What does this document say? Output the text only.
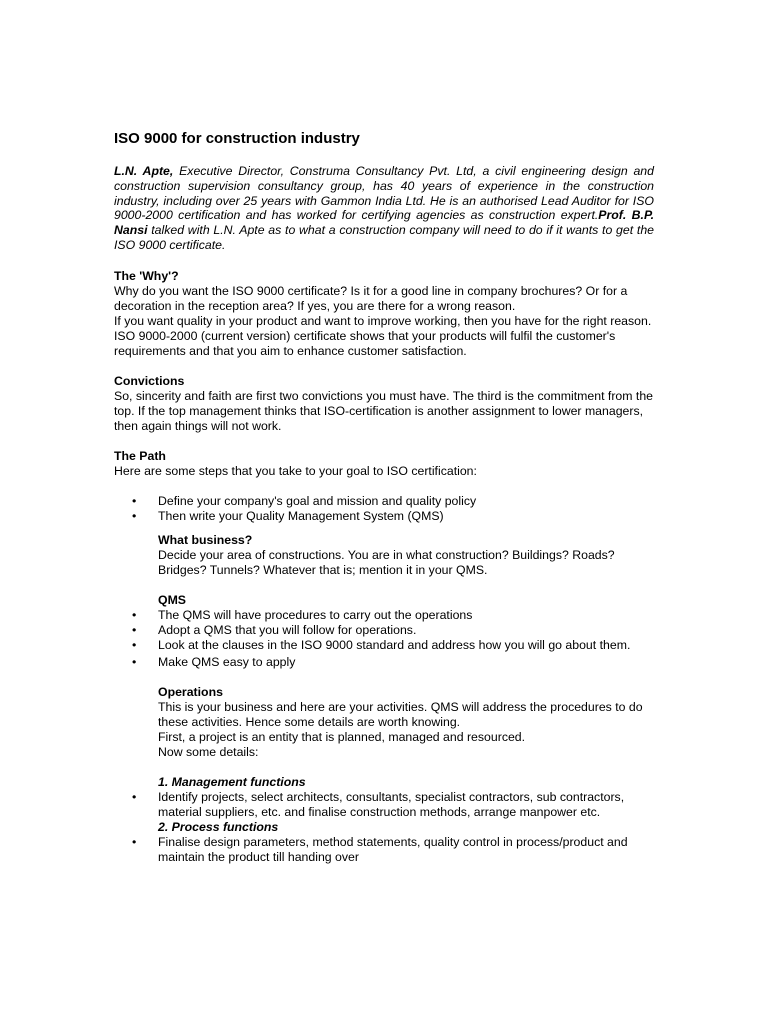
ISO 9000 for construction industry

L.N. Apte, Executive Director, Construma Consultancy Pvt. Ltd, a civil engineering design and construction supervision consultancy group, has 40 years of experience in the construction industry, including over 25 years with Gammon India Ltd. He is an authorised Lead Auditor for ISO 9000-2000 certification and has worked for certifying agencies as construction expert.Prof. B.P. Nansi talked with L.N. Apte as to what a construction company will need to do if it wants to get the ISO 9000 certificate.

The 'Why'?
Why do you want the ISO 9000 certificate? Is it for a good line in company brochures? Or for a decoration in the reception area? If yes, you are there for a wrong reason.
If you want quality in your product and want to improve working, then you have for the right reason. ISO 9000-2000 (current version) certificate shows that your products will fulfil the customer's requirements and that you aim to enhance customer satisfaction.
Convictions
So, sincerity and faith are first two convictions you must have. The third is the commitment from the top. If the top management thinks that ISO-certification is another assignment to lower managers, then again things will not work.
The Path
Here are some steps that you take to your goal to ISO certification:
• Define your company's goal and mission and quality policy
• Then write your Quality Management System (QMS)
What business?
Decide your area of constructions. You are in what construction? Buildings? Roads? Bridges? Tunnels? Whatever that is; mention it in your QMS.
QMS
• The QMS will have procedures to carry out the operations
• Adopt a QMS that you will follow for operations.
• Look at the clauses in the ISO 9000 standard and address how you will go about them.
• Make QMS easy to apply
Operations
This is your business and here are your activities. QMS will address the procedures to do these activities. Hence some details are worth knowing.
First, a project is an entity that is planned, managed and resourced.
Now some details:
1. Management functions
• Identify projects, select architects, consultants, specialist contractors, sub contractors, material suppliers, etc. and finalise construction methods, arrange manpower etc.
2. Process functions
• Finalise design parameters, method statements, quality control in process/product and maintain the product till handing over
